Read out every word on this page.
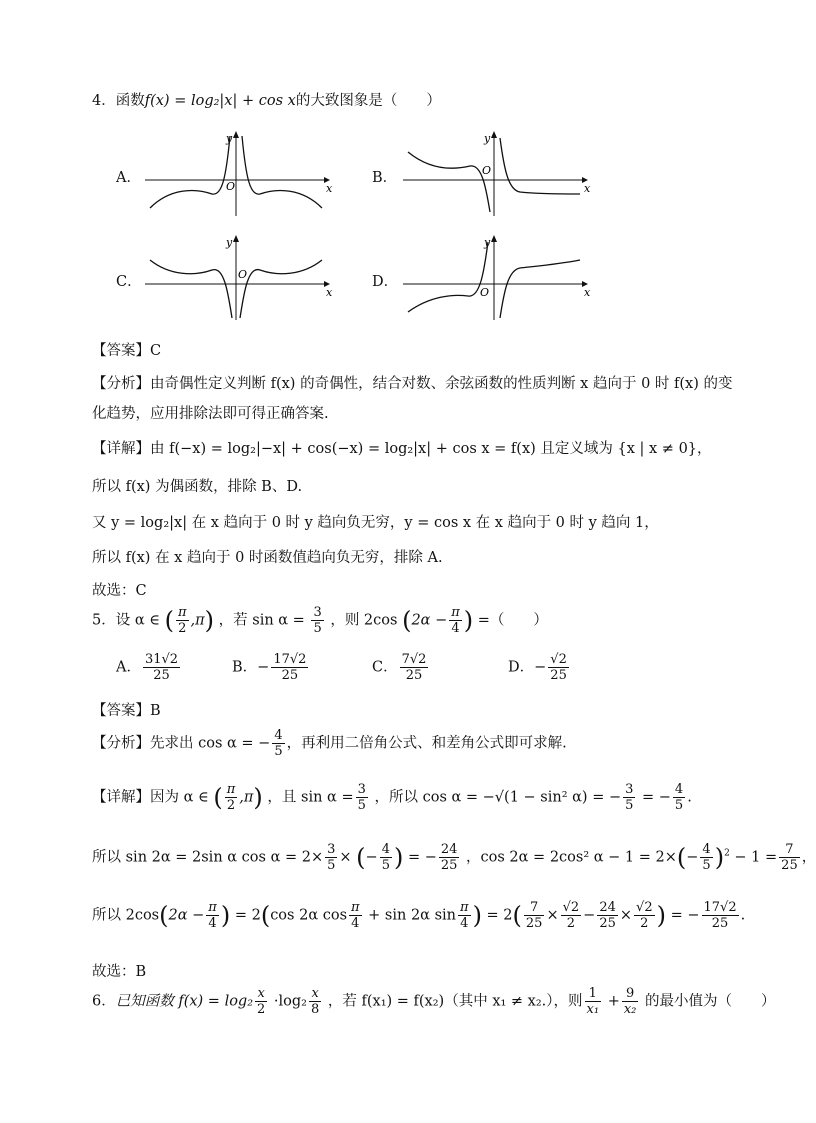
4．函数f(x) = log₂|x| + cos x的大致图象是（　　）
A．
x
y
O
B．
x
y
O
C．
x
y
O	D．
x
y
O
【答案】C
【分析】由奇偶性定义判断 f(x) 的奇偶性，结合对数、余弦函数的性质判断 x 趋向于 0 时 f(x) 的变
化趋势，应用排除法即可得正确答案.
【详解】由 f(−x) = log₂|−x| + cos(−x) = log₂|x| + cos x = f(x) 且定义域为 {x | x ≠ 0}，
所以 f(x) 为偶函数，排除 B、D.
又 y = log₂|x| 在 x 趋向于 0 时 y 趋向负无穷，y = cos x 在 x 趋向于 0 时 y 趋向 1，
所以 f(x) 在 x 趋向于 0 时函数值趋向负无穷，排除 A.
故选：C
5．设 α ∈ ( $\frac{\pi}{2} ,\pi$) ，若 $\sin \alpha = \frac{3}{5}$ ，则 2cos ($2\alpha - \frac{\pi}{4}$ ) =（　　）
A． $\frac{31√2}{25}$	B．− $\frac{17√2}{25}$	C． $\frac{7√2}{25}$	D．− $\frac{√2}{25}$
【答案】B
【分析】先求出 cos α = − $\frac{4}{5}$ ，再利用二倍角公式、和差角公式即可求解.
【详解】因为 α ∈ ( $\frac{\pi}{2} ,\pi$) ，且 $\sin \alpha = \frac{3}{5}$ ，所以 cos α = −√(1 − sin² α) = − $\frac{3}{5}$ = − $\frac{4}{5}$ .
所以 sin 2α = 2sin α $\cos \alpha = 2\times \frac{3}{5}$ × (− $\frac{4}{5}$ ) = − $\frac{24}{25}$ ，cos 2α = 2cos² $\alpha - 1 = 2\times(- \frac{4}{5} )^2 - 1 = \frac{7}{25}$ ，
所以 $2\cos(2\alpha - \frac{\pi}{4}$ ) = 2(cos 2α $\cos \frac{\pi}{4} + \sin 2\alpha$ $\sin \frac{\pi}{4}$ ) = $2( \frac{7}{25} \times \frac{√2}{2} - \frac{24}{25} \times \frac{√2}{2}$ ) = − $\frac{17√2}{25}$ .
故选：B
6．已知函数 $f(x) = \log_2 \frac{x}{2} \cdot\log_2 \frac{x}{8}$ ，若 f(x₁) = f(x₂)（其中 x₁ ≠ x₂.），则 $\frac{1}{\text{x₁}} + \frac{9}{\text{x₂}}$ 的最小值为（　　）
